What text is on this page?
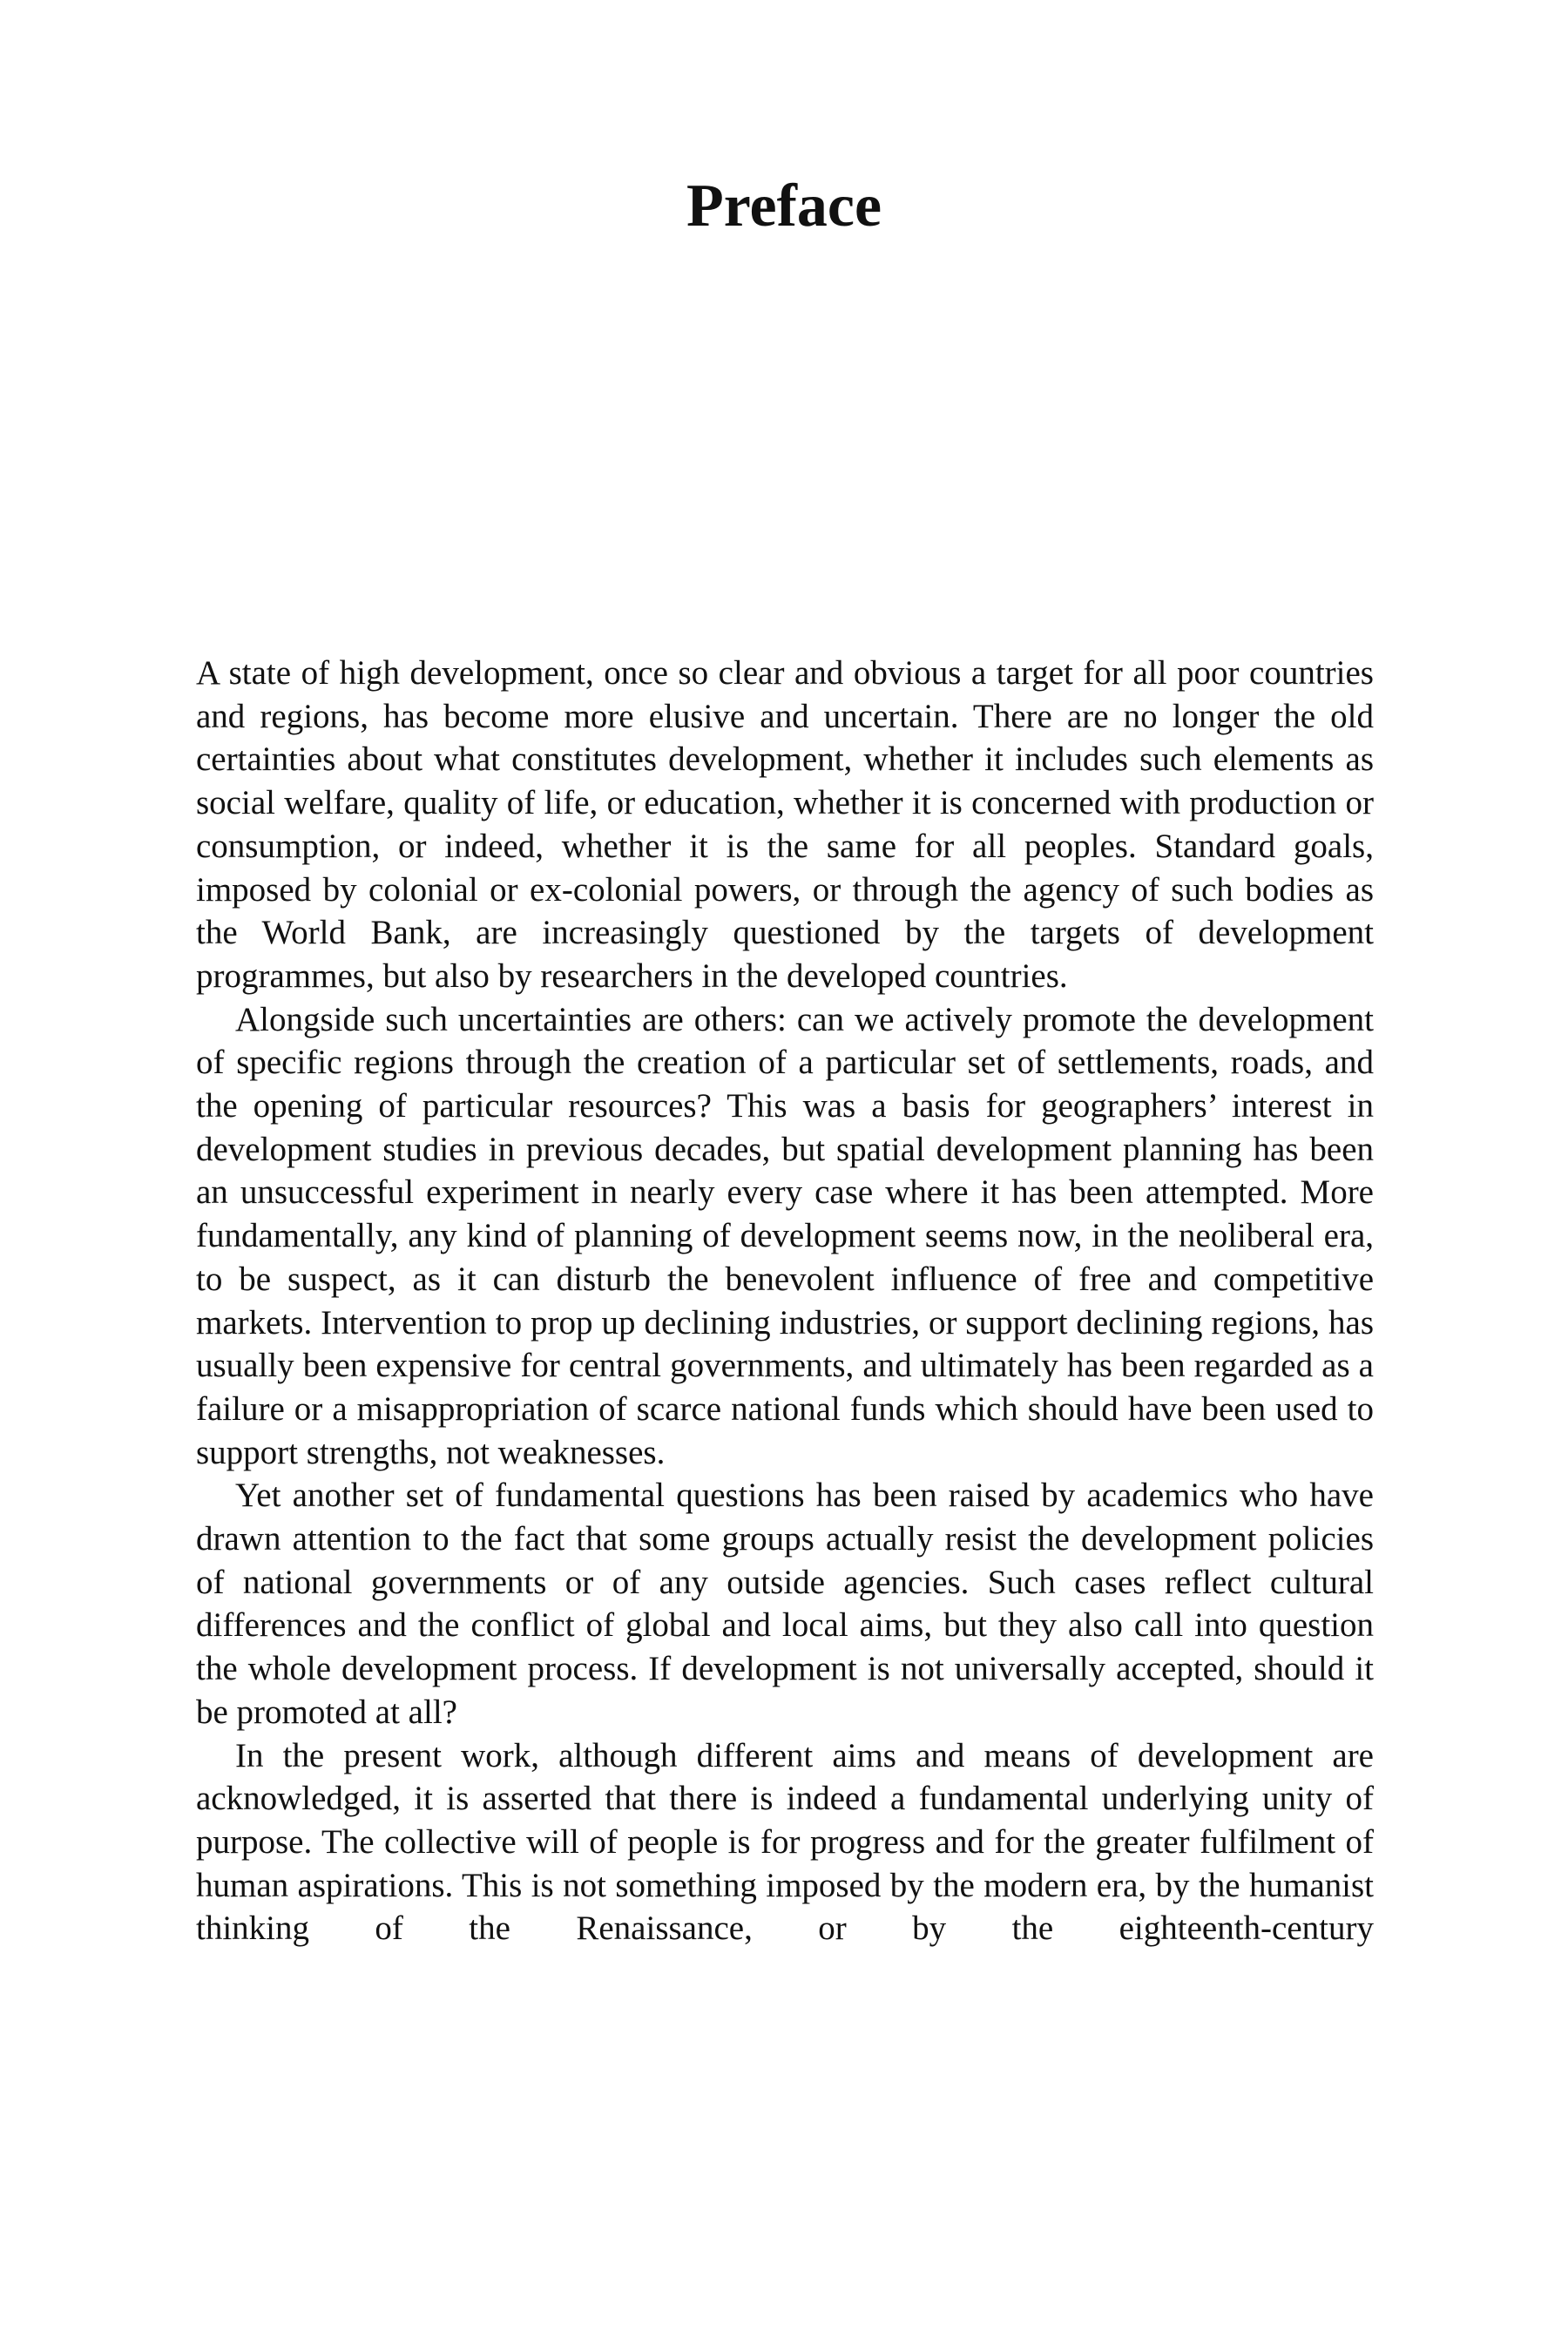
Preface

A state of high development, once so clear and obvious a target for all poor countries and regions, has become more elusive and uncertain. There are no longer the old certainties about what constitutes development, whether it includes such elements as social welfare, quality of life, or education, whether it is concerned with production or consumption, or indeed, whether it is the same for all peoples. Standard goals, imposed by colonial or ex-colonial powers, or through the agency of such bodies as the World Bank, are increasingly questioned by the targets of development programmes, but also by researchers in the developed countries.

Alongside such uncertainties are others: can we actively promote the development of specific regions through the creation of a particular set of settlements, roads, and the opening of particular resources? This was a basis for geographers’ interest in development studies in previous decades, but spatial development planning has been an unsuccessful experiment in nearly every case where it has been attempted. More fundamentally, any kind of planning of development seems now, in the neoliberal era, to be suspect, as it can disturb the benevolent influence of free and competitive markets. Intervention to prop up declining industries, or support declining regions, has usually been expensive for central governments, and ultimately has been regarded as a failure or a misappropriation of scarce national funds which should have been used to support strengths, not weaknesses.

Yet another set of fundamental questions has been raised by academics who have drawn attention to the fact that some groups actually resist the development policies of national governments or of any outside agencies. Such cases reflect cultural differences and the conflict of global and local aims, but they also call into question the whole development process. If development is not universally accepted, should it be promoted at all?

In the present work, although different aims and means of development are acknowledged, it is asserted that there is indeed a fundamental underlying unity of purpose. The collective will of people is for progress and for the greater fulfilment of human aspirations. This is not something imposed by the modern era, by the humanist thinking of the Renaissance, or by the eighteenth-century
